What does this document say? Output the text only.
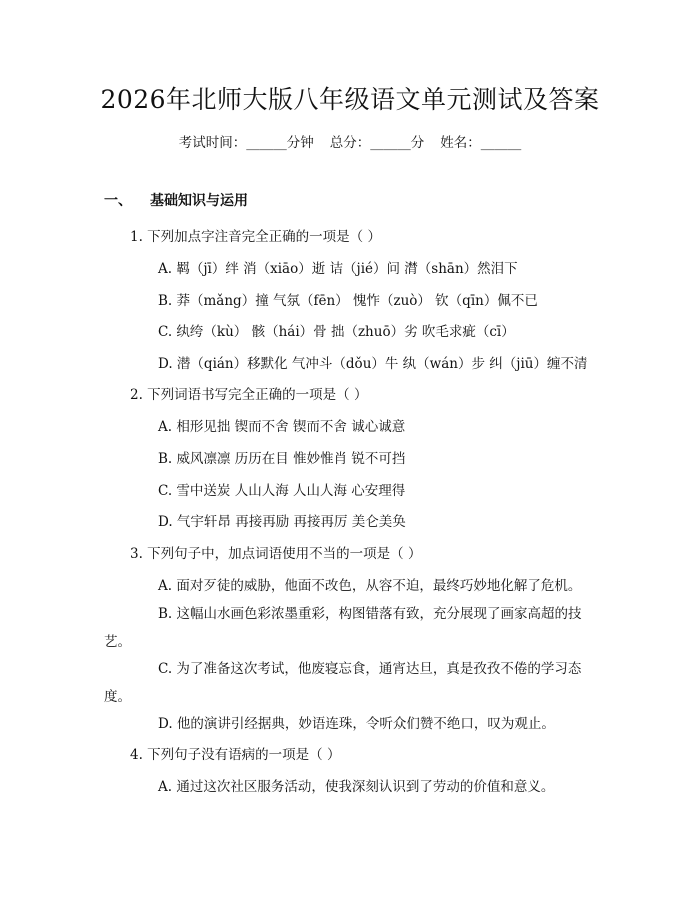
2026年北师大版八年级语文单元测试及答案
考试时间：______分钟 总分：______分 姓名：______
一、 基础知识与运用
1. 下列加点字注音完全正确的一项是（ ）
A. 羁（jī）绊 消（xiāo）逝 诘（jié）问 潸（shān）然泪下
B. 莽（mǎng）撞 气氛（fēn） 愧怍（zuò） 钦（qīn）佩不已
C. 纨绔（kù） 骸（hái）骨 拙（zhuō）劣 吹毛求疵（cī）
D. 潜（qián）移默化 气冲斗（dǒu）牛 纨（wán）步 纠（jiū）缠不清
2. 下列词语书写完全正确的一项是（ ）
A. 相形见拙 锲而不舍 锲而不舍 诚心诚意
B. 威风凛凛 历历在目 惟妙惟肖 锐不可挡
C. 雪中送炭 人山人海 人山人海 心安理得
D. 气宇轩昂 再接再励 再接再厉 美仑美奂
3. 下列句子中，加点词语使用不当的一项是（ ）
A. 面对歹徒的威胁，他面不改色，从容不迫，最终巧妙地化解了危机。
B. 这幅山水画色彩浓墨重彩，构图错落有致，充分展现了画家高超的技艺。
C. 为了准备这次考试，他废寝忘食，通宵达旦，真是孜孜不倦的学习态度。
D. 他的演讲引经据典，妙语连珠，令听众们赞不绝口，叹为观止。
4. 下列句子没有语病的一项是（ ）
A. 通过这次社区服务活动，使我深刻认识到了劳动的价值和意义。
